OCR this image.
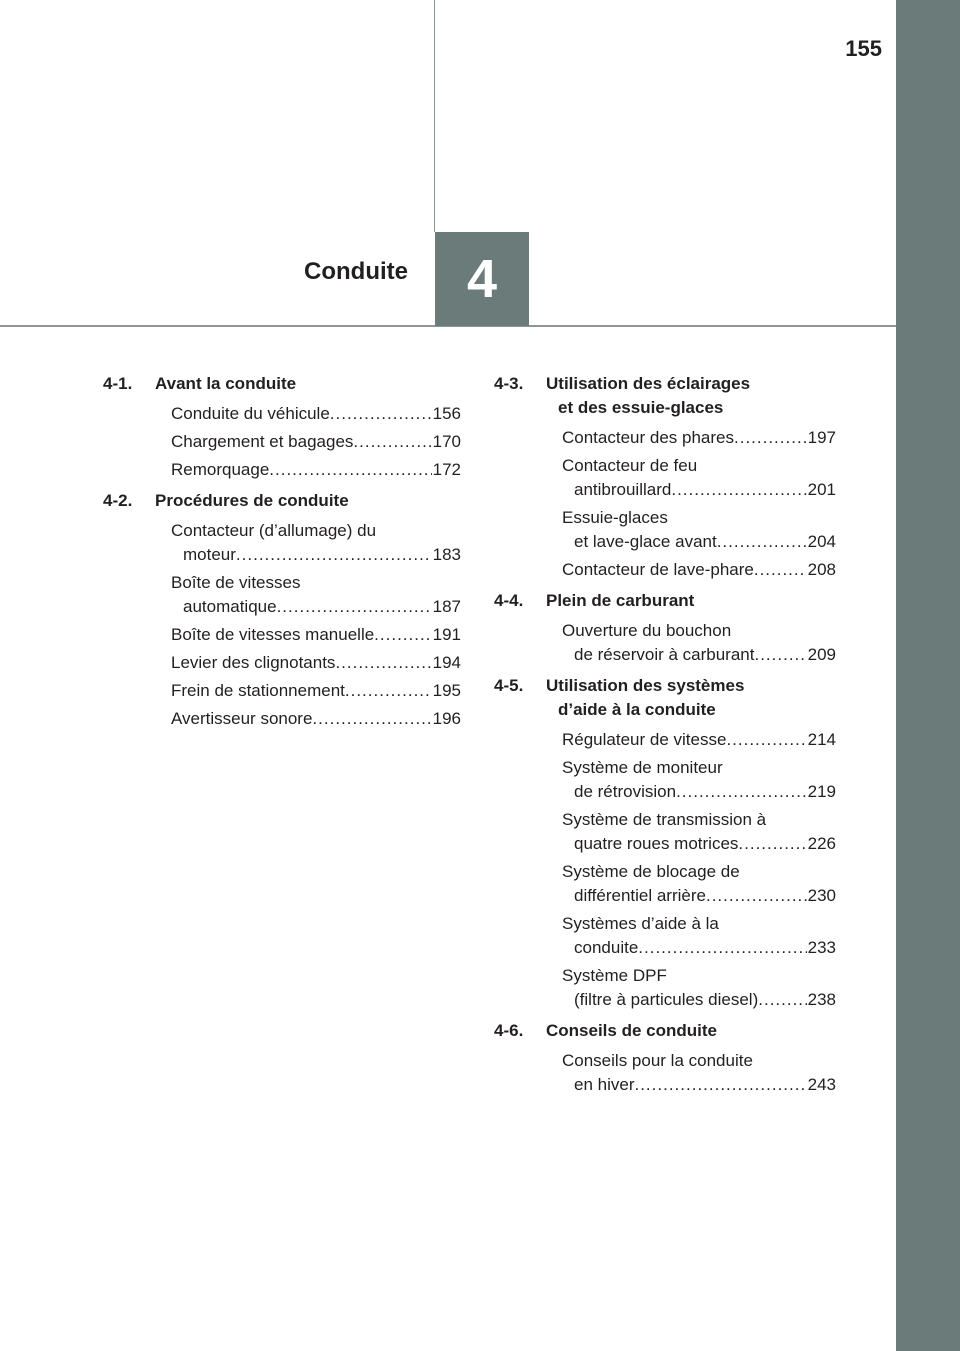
155
Conduite 4
4-1. Avant la conduite
Conduite du véhicule .....	156
Chargement et bagages .....	170
Remorquage .....	172
4-2. Procédures de conduite
Contacteur (d’allumage) du
moteur .....	183
Boîte de vitesses
automatique .....	187
Boîte de vitesses manuelle .....	191
Levier des clignotants .....	194
Frein de stationnement .....	195
Avertisseur sonore .....	196
4-3. Utilisation des éclairages

et des essuie-glaces
Contacteur des phares .....	197
Contacteur de feu
antibrouillard .....	201
Essuie-glaces
et lave-glace avant .....	204
Contacteur de lave-phare .....	208
4-4. Plein de carburant
Ouverture du bouchon
de réservoir à carburant .....	209
4-5. Utilisation des systèmes

d’aide à la conduite
Régulateur de vitesse .....	214
Système de moniteur
de rétrovision .....	219
Système de transmission à
quatre roues motrices .....	226
Système de blocage de
différentiel arrière .....	230
Systèmes d’aide à la
conduite .....	233
Système DPF
(filtre à particules diesel) .....	238
4-6. Conseils de conduite
Conseils pour la conduite
en hiver .....	243
